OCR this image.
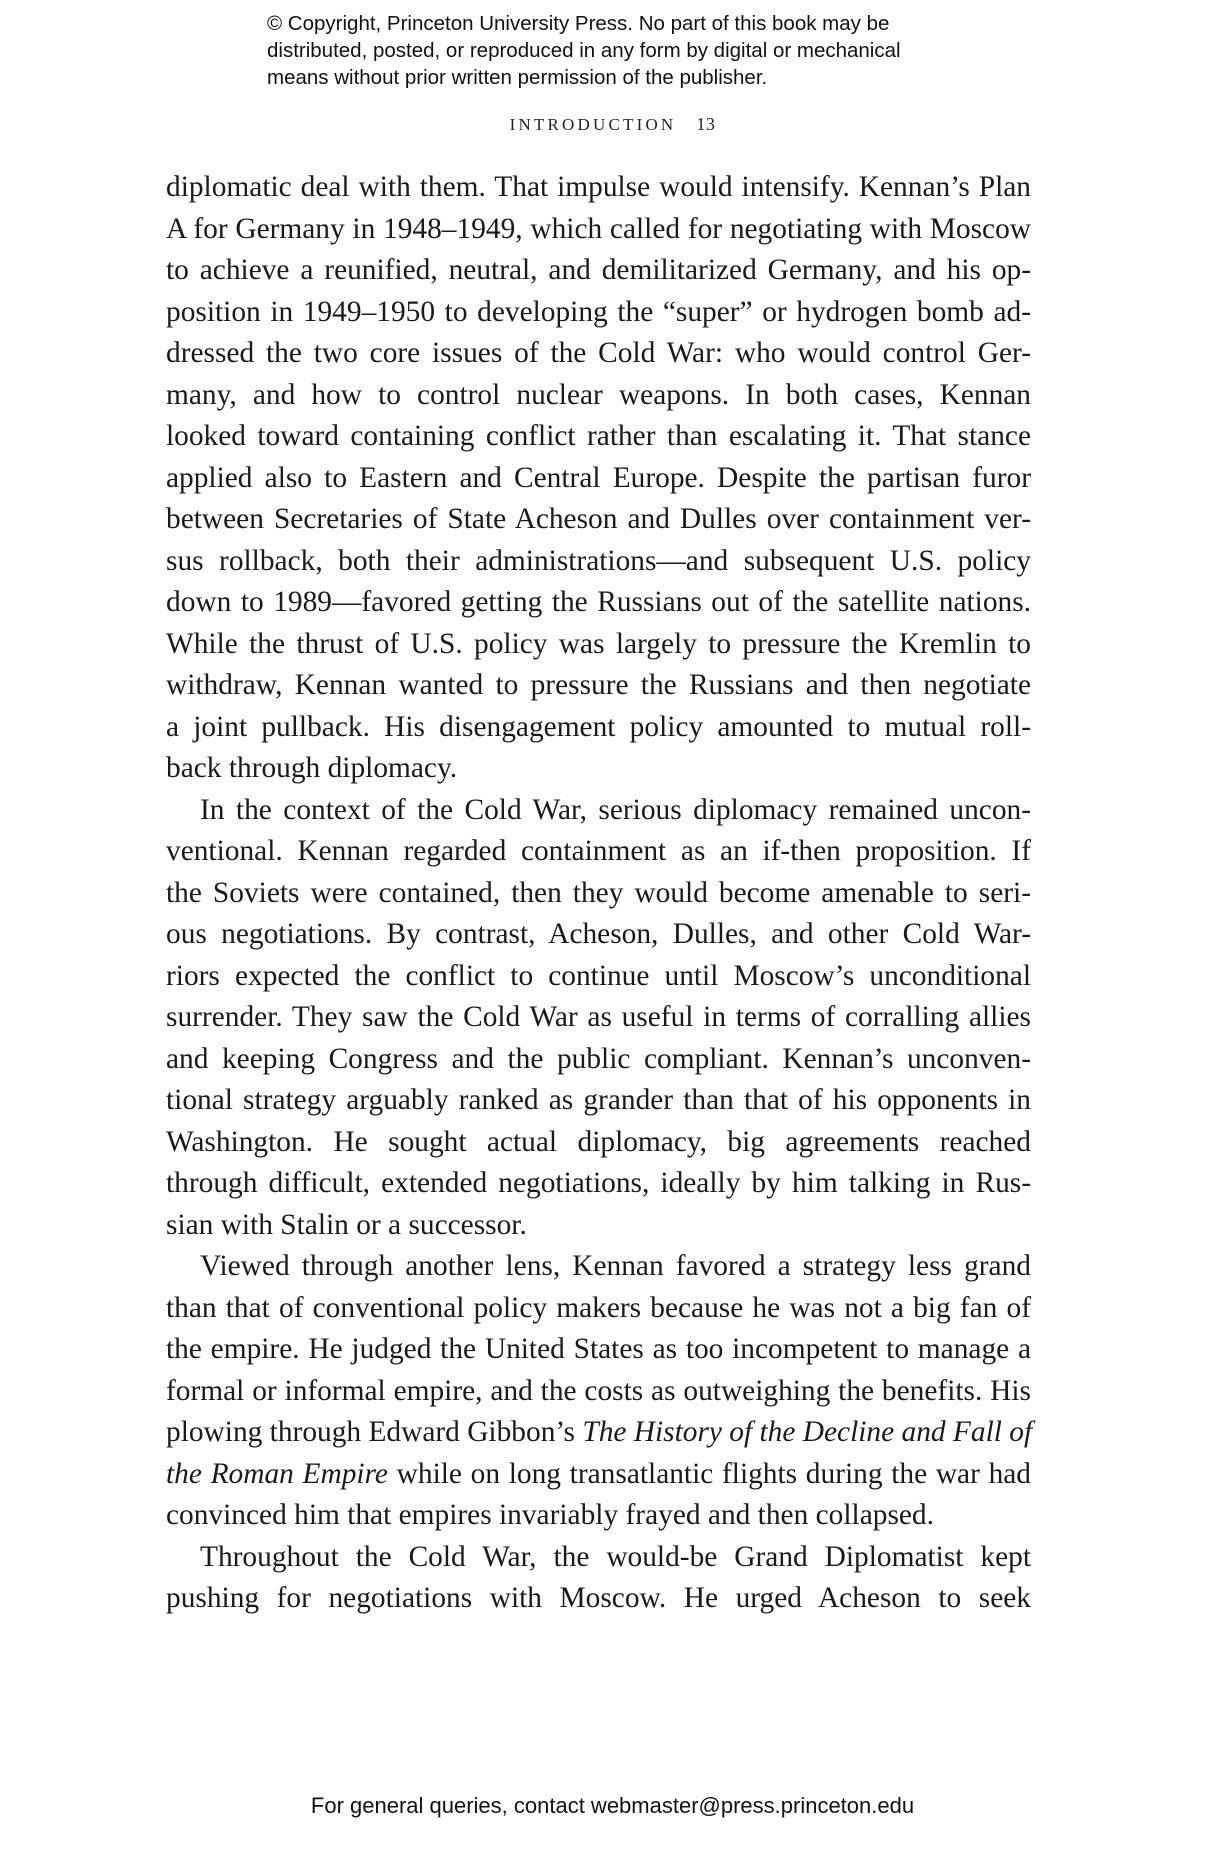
© Copyright, Princeton University Press. No part of this book may be
distributed, posted, or reproduced in any form by digital or mechanical
means without prior written permission of the publisher.
INTRODUCTION 13
diplomatic deal with them. That impulse would intensify. Kennan’s Plan
A for Germany in 1948–1949, which called for negotiating with Moscow
to achieve a reunified, neutral, and demilitarized Germany, and his op-
position in 1949–1950 to developing the “super” or hydrogen bomb ad-
dressed the two core issues of the Cold War: who would control Ger-
many, and how to control nuclear weapons. In both cases, Kennan
looked toward containing conflict rather than escalating it. That stance
applied also to Eastern and Central Europe. Despite the partisan furor
between Secretaries of State Acheson and Dulles over containment ver-
sus rollback, both their administrations—and subsequent U.S. policy
down to 1989—favored getting the Russians out of the satellite nations.
While the thrust of U.S. policy was largely to pressure the Kremlin to
withdraw, Kennan wanted to pressure the Russians and then negotiate
a joint pullback. His disengagement policy amounted to mutual roll-
back through diplomacy.
In the context of the Cold War, serious diplomacy remained uncon-
ventional. Kennan regarded containment as an if-then proposition. If
the Soviets were contained, then they would become amenable to seri-
ous negotiations. By contrast, Acheson, Dulles, and other Cold War-
riors expected the conflict to continue until Moscow’s unconditional
surrender. They saw the Cold War as useful in terms of corralling allies
and keeping Congress and the public compliant. Kennan’s unconven-
tional strategy arguably ranked as grander than that of his opponents in
Washington. He sought actual diplomacy, big agreements reached
through difficult, extended negotiations, ideally by him talking in Rus-
sian with Stalin or a successor.
Viewed through another lens, Kennan favored a strategy less grand
than that of conventional policy makers because he was not a big fan of
the empire. He judged the United States as too incompetent to manage a
formal or informal empire, and the costs as outweighing the benefits. His
plowing through Edward Gibbon’s The History of the Decline and Fall of
the Roman Empire while on long transatlantic flights during the war had
convinced him that empires invariably frayed and then collapsed.
Throughout the Cold War, the would-be Grand Diplomatist kept
pushing for negotiations with Moscow. He urged Acheson to seek
For general queries, contact webmaster@press.princeton.edu
